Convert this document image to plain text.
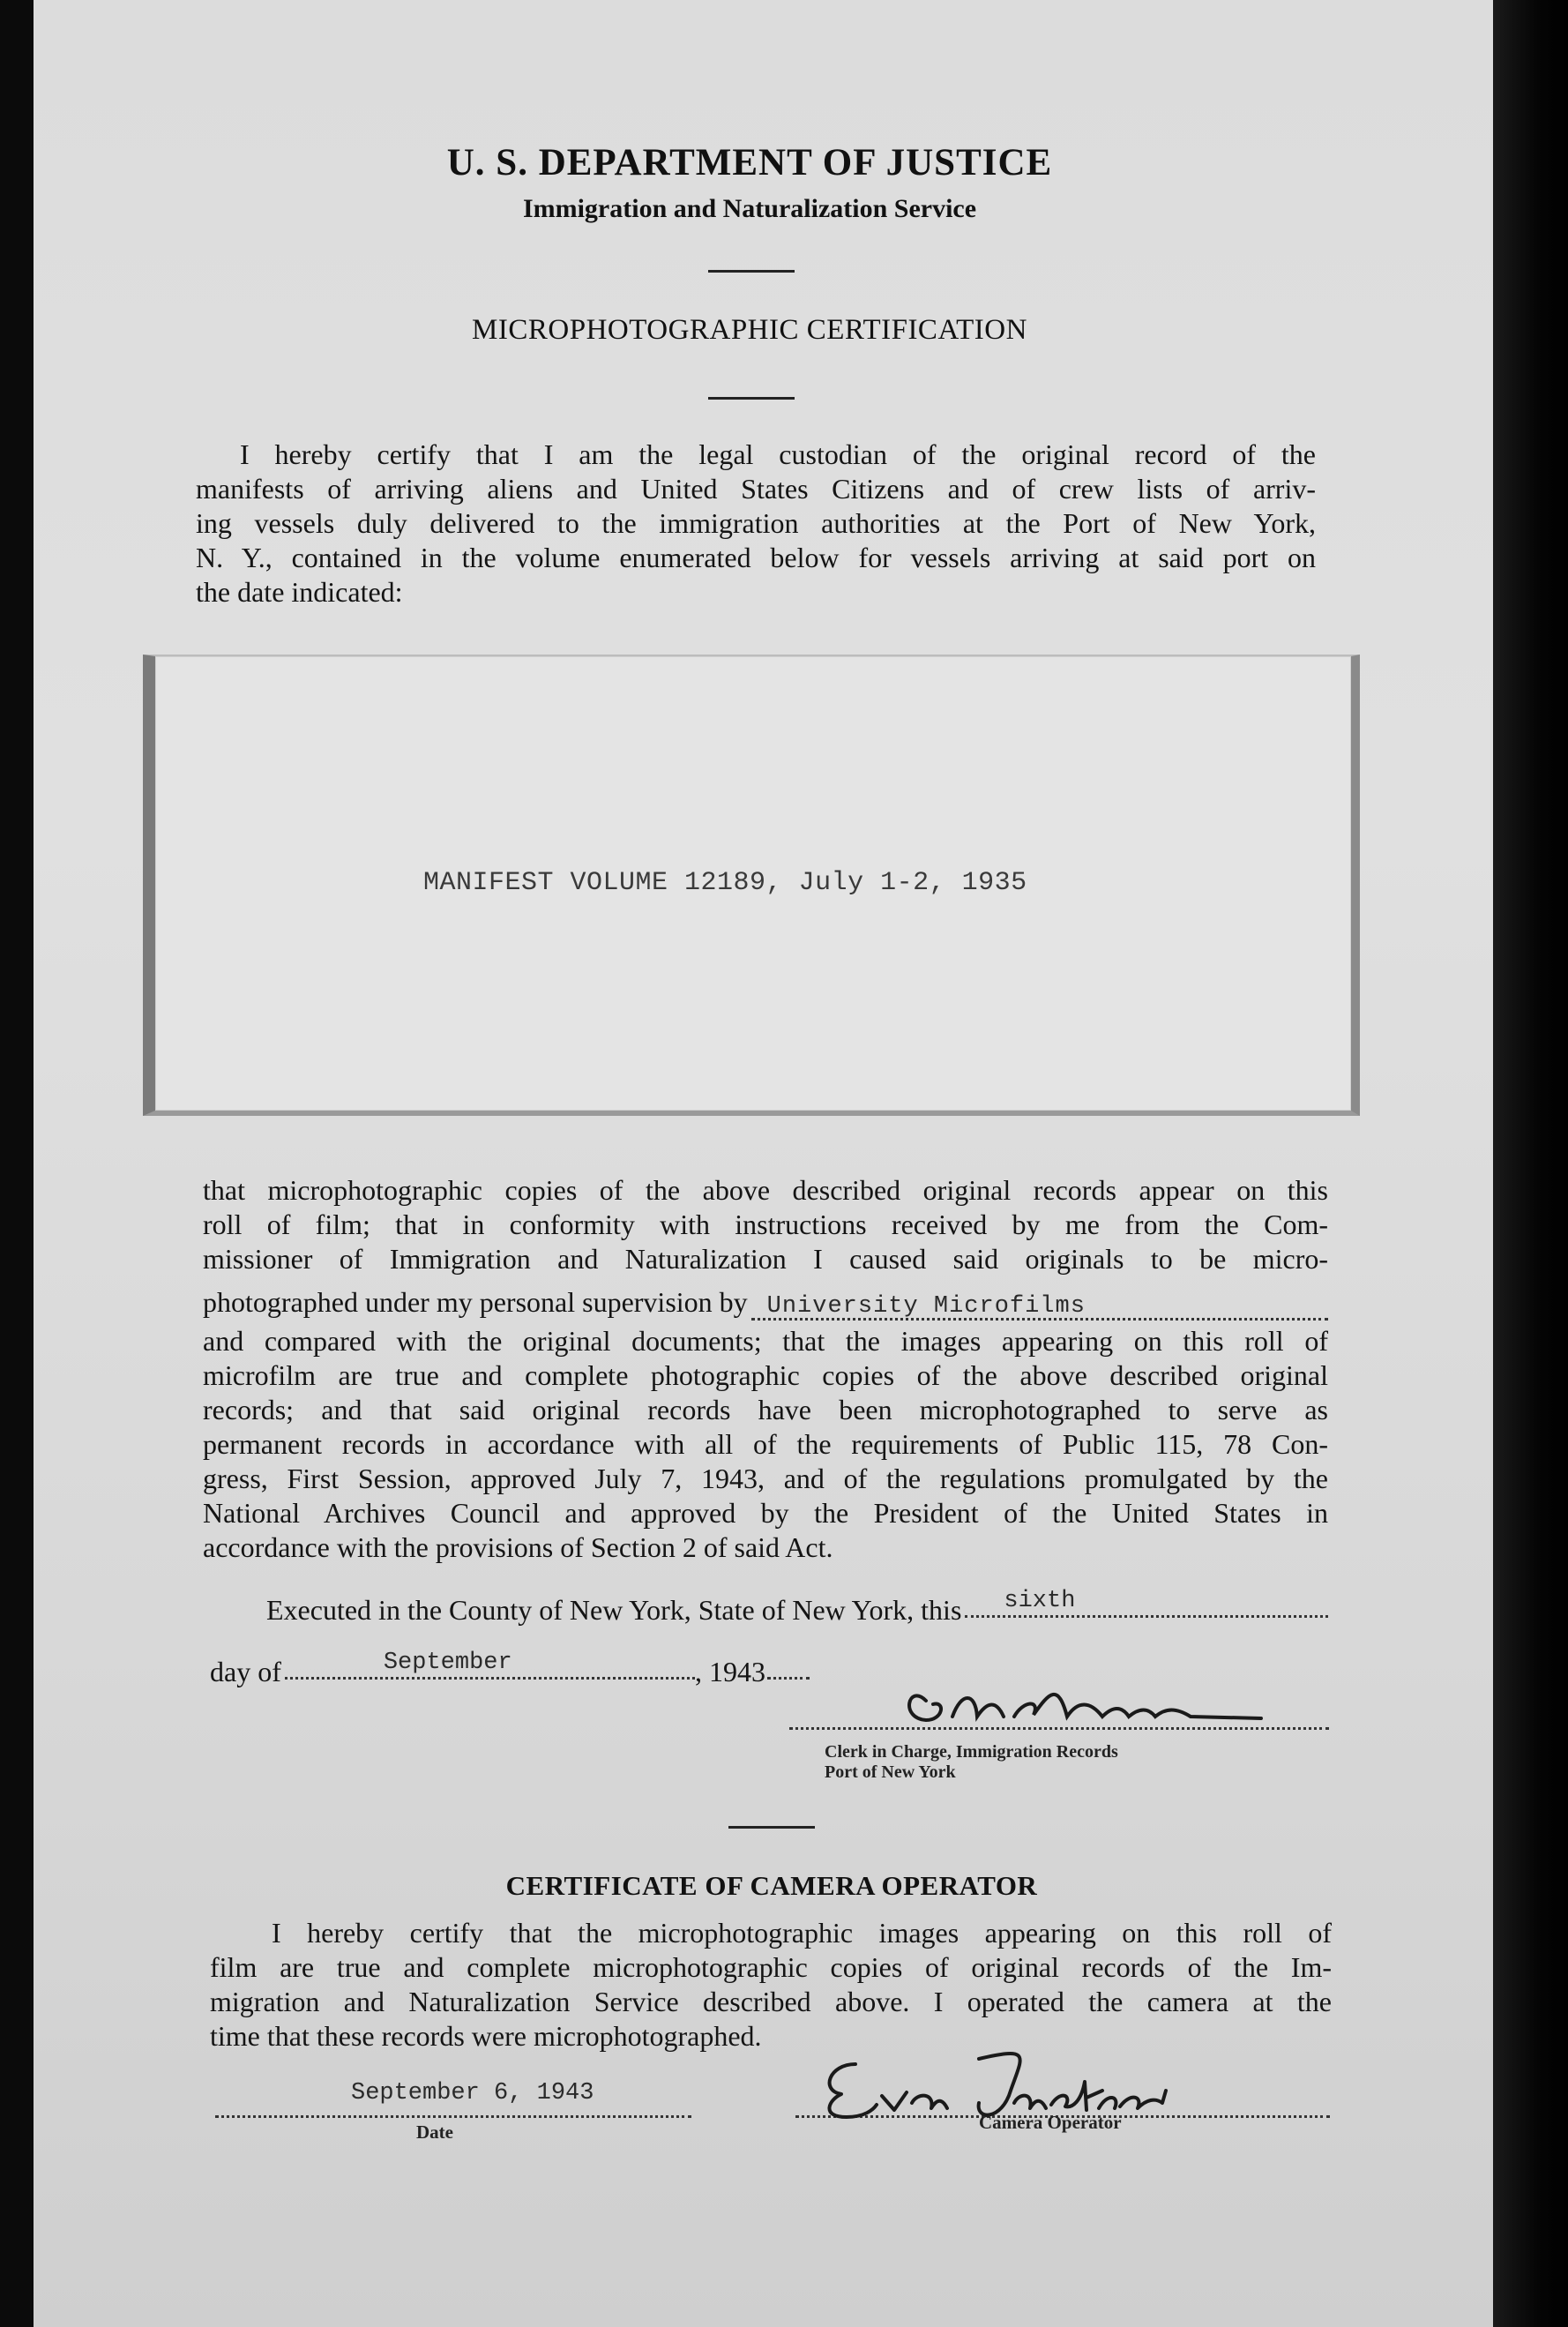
U. S. DEPARTMENT OF JUSTICE
Immigration and Naturalization Service
MICROPHOTOGRAPHIC CERTIFICATION
I hereby certify that I am the legal custodian of the original record of the
manifests of arriving aliens and United States Citizens and of crew lists of arriv-
ing vessels duly delivered to the immigration authorities at the Port of New York,
N. Y., contained in the volume enumerated below for vessels arriving at said port on
the date indicated:
MANIFEST VOLUME 12189, July 1-2, 1935
that microphotographic copies of the above described original records appear on this
roll of film; that in conformity with instructions received by me from the Com-
missioner of Immigration and Naturalization I caused said originals to be micro-
photographed under my personal supervision by University Microfilms
and compared with the original documents; that the images appearing on this roll of
microfilm are true and complete photographic copies of the above described original
records; and that said original records have been microphotographed to serve as
permanent records in accordance with all of the requirements of Public 115, 78 Con-
gress, First Session, approved July 7, 1943, and of the regulations promulgated by the
National Archives Council and approved by the President of the United States in
accordance with the provisions of Section 2 of said Act.
Executed in the County of New York, State of New York, this sixth
day of	September	, 1943
Clerk in Charge, Immigration Records
Port of New York
CERTIFICATE OF CAMERA OPERATOR
I hereby certify that the microphotographic images appearing on this roll of
film are true and complete microphotographic copies of original records of the Im-
migration and Naturalization Service described above. I operated the camera at the
time that these records were microphotographed.
September 6, 1943
Date	Camera Operator
